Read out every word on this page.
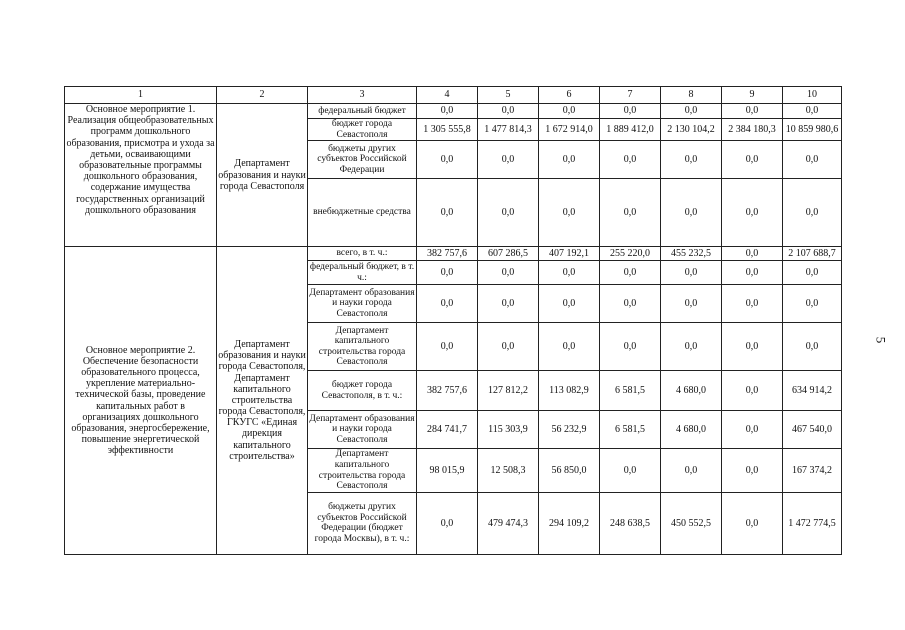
1	2	3	4	5	6	7	8	9	10
Основное мероприятие 1. Реализация общеобразовательных программ дошкольного образования, присмотра и ухода за детьми, осваивающими образовательные программы дошкольного образования, содержание имущества государственных организаций дошкольного образования	Департамент образования и науки города Севастополя	федеральный бюджет	0,0	0,0	0,0	0,0	0,0	0,0	0,0
		бюджет города Севастополя	1 305 555,8	1 477 814,3	1 672 914,0	1 889 412,0	2 130 104,2	2 384 180,3	10 859 980,6
		бюджеты других субъектов Российской Федерации	0,0	0,0	0,0	0,0	0,0	0,0	0,0
		внебюджетные средства	0,0	0,0	0,0	0,0	0,0	0,0	0,0
Основное мероприятие 2. Обеспечение безопасности образовательного процесса, укрепление материально-технической базы, проведение капитальных работ в организациях дошкольного образования, энергосбережение, повышение энергетической эффективности	Департамент образования и науки города Севастополя, Департамент капитального строительства города Севастополя, ГКУГС «Единая дирекция капитального строительства»	всего, в т. ч.:	382 757,6	607 286,5	407 192,1	255 220,0	455 232,5	0,0	2 107 688,7
		федеральный бюджет, в т. ч.:	0,0	0,0	0,0	0,0	0,0	0,0	0,0
		Департамент образования и науки города Севастополя	0,0	0,0	0,0	0,0	0,0	0,0	0,0
		Департамент капитального строительства города Севастополя	0,0	0,0	0,0	0,0	0,0	0,0	0,0
		бюджет города Севастополя, в т. ч.:	382 757,6	127 812,2	113 082,9	6 581,5	4 680,0	0,0	634 914,2
		Департамент образования и науки города Севастополя	284 741,7	115 303,9	56 232,9	6 581,5	4 680,0	0,0	467 540,0
		Департамент капитального строительства города Севастополя	98 015,9	12 508,3	56 850,0	0,0	0,0	0,0	167 374,2
		бюджеты других субъектов Российской Федерации (бюджет города Москвы), в т. ч.:	0,0	479 474,3	294 109,2	248 638,5	450 552,5	0,0	1 472 774,5
5
